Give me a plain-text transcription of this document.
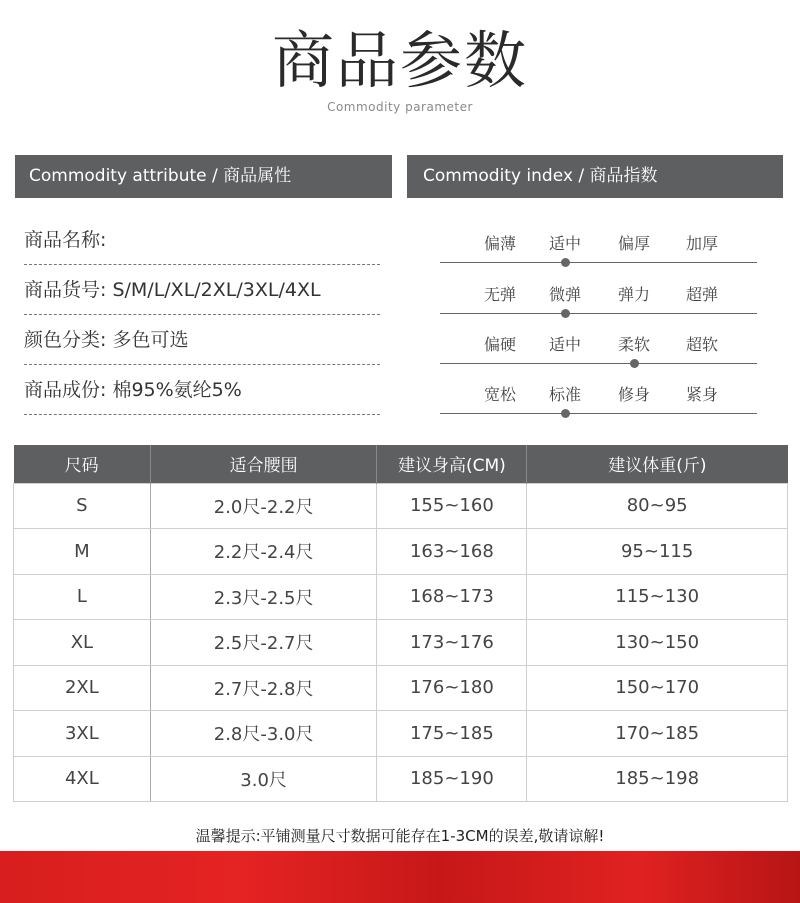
商品参数
Commodity parameter
Commodity attribute / 商品属性	Commodity index / 商品指数
商品名称:
商品货号: S/M/L/XL/2XL/3XL/4XL
颜色分类: 多色可选
商品成份: 棉95%氨纶5%
偏薄	适中	偏厚	加厚
无弹	微弹	弹力	超弹
偏硬	适中	柔软	超软
宽松	标准	修身	紧身
尺码	适合腰围	建议身高(CM)	建议体重(斤)
S	2.0尺-2.2尺	155~160	80~95
M	2.2尺-2.4尺	163~168	95~115
L	2.3尺-2.5尺	168~173	115~130
XL	2.5尺-2.7尺	173~176	130~150
2XL	2.7尺-2.8尺	176~180	150~170
3XL	2.8尺-3.0尺	175~185	170~185
4XL	3.0尺	185~190	185~198
温馨提示:平铺测量尺寸数据可能存在1-3CM的误差,敬请谅解!
